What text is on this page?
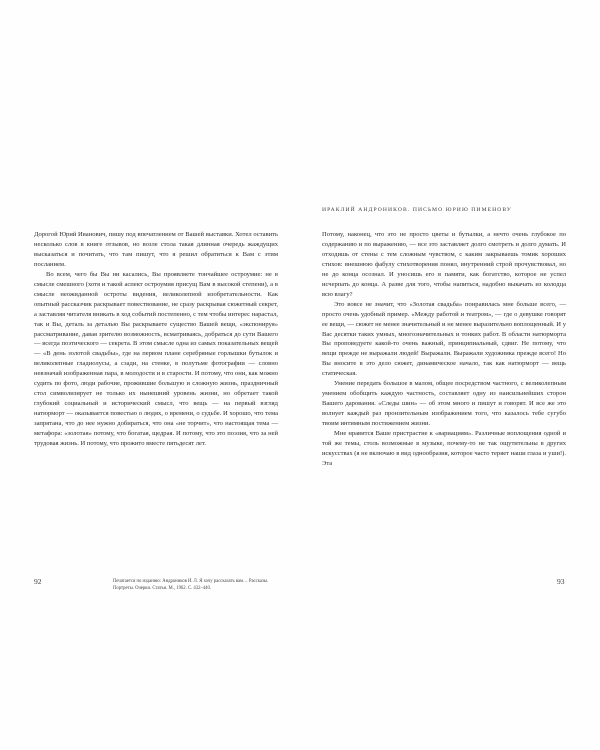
Дорогой Юрий Иванович, пишу под впечатлением от Вашей выставки. Хотел оставить несколько слов в книге отзывов, но возле стола такая длинная очередь жаждущих высказаться и почитать, что там пишут, что я решил обратиться к Вам с этим посланием.

Во всем, чего бы Вы ни касались, Вы проявляете тончайшее остроумие: не в смысле смешного (хотя и такой аспект остроумия присущ Вам в высокой степени), а в смысле неожиданной остроты видения, великолепной изобретательности. Как опытный рассказчик раскрывает повествование, не сразу раскрывая сюжетный секрет, а заставляя читателя вникать в ход событий постепенно, с тем чтобы интерес нарастал, так и Вы, деталь за деталью Вы раскрываете существо Вашей вещи, «экспонируя» рассматривание, давая зрителю возможность, всматриваясь, добраться до сути Вашего — всегда поэтического — секрета. В этом смысле одна из самых показательных вещей — «В день золотой свадьбы», где на первом плане серебряные горлышки бутылок и великолепные гладиолусы, а сзади, на стенке, в полутьме фотографии — словно невзначай изображенная пара, в молодости и в старости. И потому, что они, как можно судить по фото, люди рабочие, прожившие большую и сложную жизнь, праздничный стол символизирует не только их нынешний уровень жизни, но обретает такой глубокий социальный и исторический смысл, что вещь — на первый взгляд натюрморт — оказывается повестью о людях, о времени, о судьбе. И хорошо, что тема запрятана, что до нее нужно добираться, что она «не торчит», что настоящая тема — метафора: «золотая» потому, что богатая, щедрая. И потому, что это поэзия, что за ней трудовая жизнь. И потому, что прожито вместе пятьдесят лет.

92	Печатается по изданию: Андроников И. Л. Я хочу рассказать вам… Рассказы. Портреты. Очерки. Статьи. М., 1962. С. 432–440.
ИРАКЛИЙ АНДРОНИКОВ. ПИСЬМО ЮРИЮ ПИМЕНОВУ

Потому, наконец, что это не просто цветы и бутылки, а нечто очень глубокое по содержанию и по выражению, — все это заставляет долго смотреть и долго думать. И отходишь от стены с тем сложным чувством, с каким закрываешь томик хороших стихов: внешнюю фабулу стихотворения понял, внутренний строй прочувствовал, но не до конца осознал. И уносишь его в памяти, как богатство, которое не успел исчерпать до конца. А разве для того, чтобы напиться, надобно выкачать из колодца всю влагу?

Это вовсе не значит, что «Золотая свадьба» понравилась мне больше всего, — просто очень удобный пример. «Между работой и театром», — где о девушке говорят ее вещи, — сюжет не менее значительный и не менее выразительно воплощенный. И у Вас десятки таких умных, многозначительных и тонких работ. В области натюрморта Вы проповедуете какой-то очень важный, принципиальный, сдвиг. Не потому, что вещи прежде не выражали людей! Выражали. Выражали художника прежде всего! Но Вы вносите в это дело сюжет, динамическое начало, так как натюрморт — вещь статическая.

Умение передать большое в малом, общее посредством частного, с великолепным умением обобщить каждую частность, составляет одну из наисильнейших сторон Вашего дарования. «Следы шин» — об этом много и пишут и говорят. И все же это волнует каждый раз пронзительным изображением того, что казалось тебе сугубо твоим интимным постижением жизни.

Мне нравится Ваше пристрастие к «вариациям». Различные воплощения одной и той же темы, столь возможные в музыке, почему-то не так ощутительны в других искусствах (я не включаю в вид однообразия, которое часто теряет наши глаза и уши!). Эта

93
